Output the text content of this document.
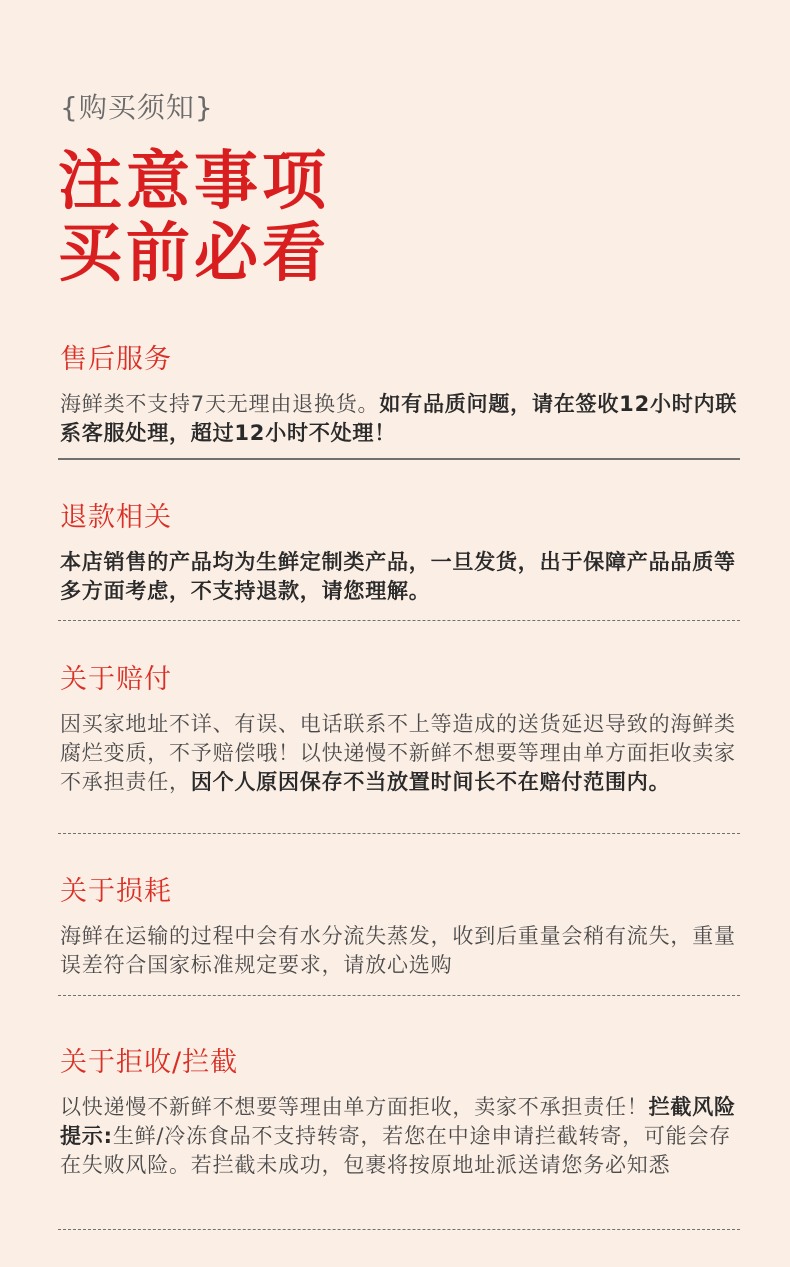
{购买须知}
注意事项
买前必看
售后服务
海鲜类不支持7天无理由退换货。如有品质问题，请在签收12小时内联系客服处理，超过12小时不处理！
退款相关
本店销售的产品均为生鲜定制类产品，一旦发货，出于保障产品品质等多方面考虑，不支持退款，请您理解。
关于赔付
因买家地址不详、有误、电话联系不上等造成的送货延迟导致的海鲜类腐烂变质，不予赔偿哦！以快递慢不新鲜不想要等理由单方面拒收卖家不承担责任，因个人原因保存不当放置时间长不在赔付范围内。
关于损耗
海鲜在运输的过程中会有水分流失蒸发，收到后重量会稍有流失，重量误差符合国家标准规定要求，请放心选购
关于拒收/拦截
以快递慢不新鲜不想要等理由单方面拒收，卖家不承担责任！拦截风险提示:生鲜/冷冻食品不支持转寄，若您在中途申请拦截转寄，可能会存在失败风险。若拦截未成功，包裹将按原地址派送请您务必知悉
